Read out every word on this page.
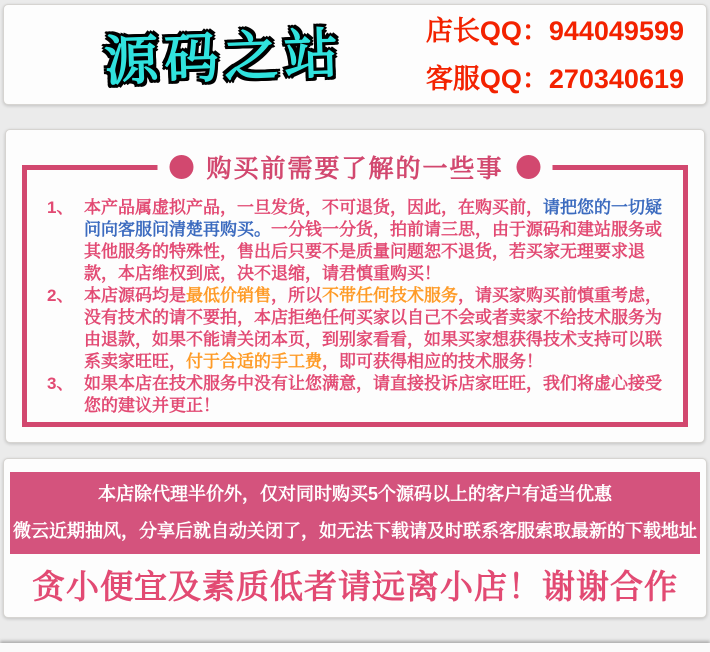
源码之站	店长QQ：944049599
客服QQ：270340619
购买前需要了解的一些事
1、 本产品属虚拟产品，一旦发货，不可退货，因此，在购买前，请把您的一切疑问向客服问清楚再购买。一分钱一分货，拍前请三思，由于源码和建站服务或其他服务的特殊性，售出后只要不是质量问题恕不退货，若买家无理要求退款，本店维权到底，决不退缩，请君慎重购买！
2、 本店源码均是最低价销售，所以不带任何技术服务，请买家购买前慎重考虑，没有技术的请不要拍，本店拒绝任何买家以自己不会或者卖家不给技术服务为由退款，如果不能请关闭本页，到别家看看，如果买家想获得技术支持可以联系卖家旺旺，付于合适的手工费，即可获得相应的技术服务！
3、 如果本店在技术服务中没有让您满意，请直接投诉店家旺旺，我们将虚心接受您的建议并更正！
本店除代理半价外，仅对同时购买5个源码以上的客户有适当优惠
微云近期抽风，分享后就自动关闭了，如无法下载请及时联系客服索取最新的下载地址
贪小便宜及素质低者请远离小店！谢谢合作
